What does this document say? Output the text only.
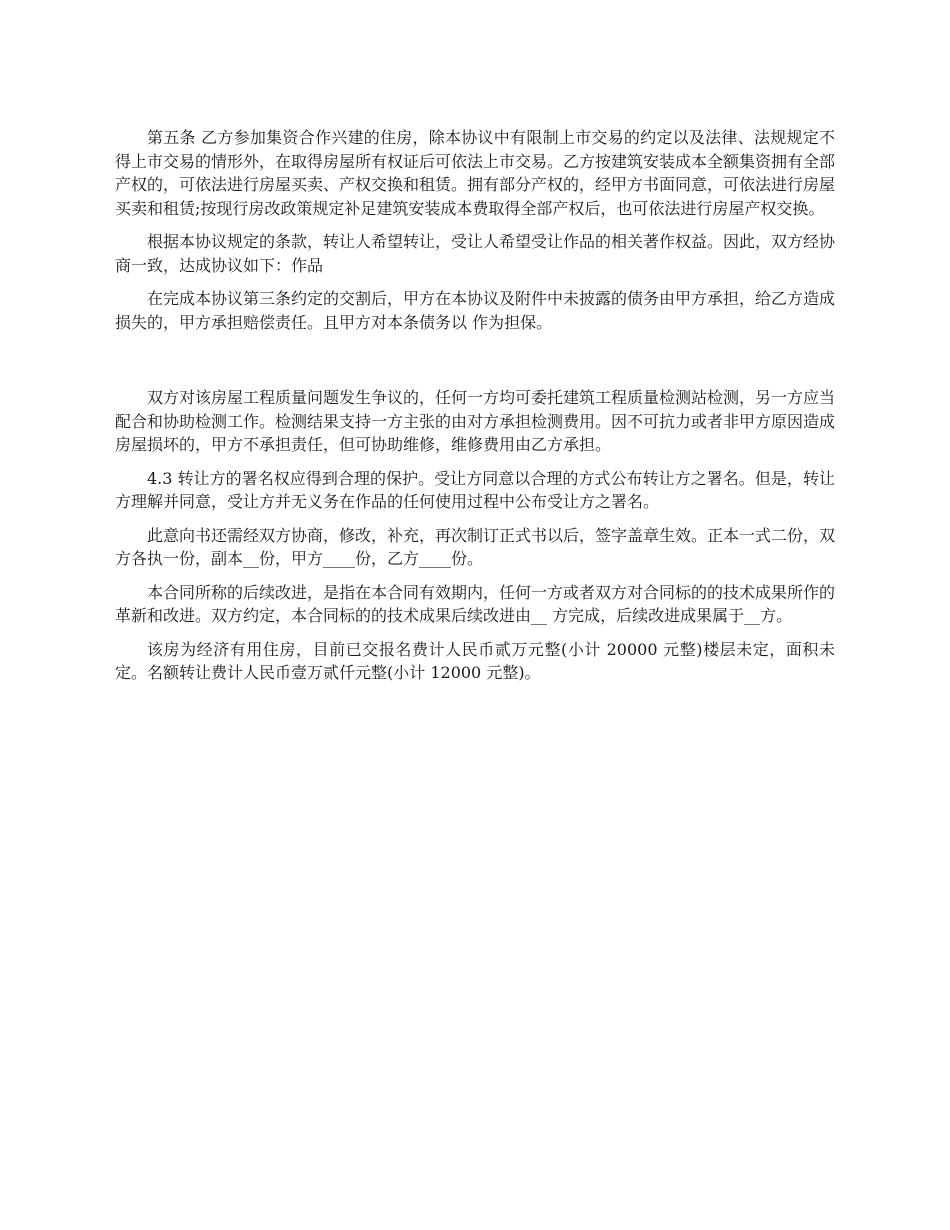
第五条 乙方参加集资合作兴建的住房，除本协议中有限制上市交易的约定以及法律、法规规定不得上市交易的情形外，在取得房屋所有权证后可依法上市交易。乙方按建筑安装成本全额集资拥有全部产权的，可依法进行房屋买卖、产权交换和租赁。拥有部分产权的，经甲方书面同意，可依法进行房屋买卖和租赁;按现行房改政策规定补足建筑安装成本费取得全部产权后，也可依法进行房屋产权交换。

根据本协议规定的条款，转让人希望转让，受让人希望受让作品的相关著作权益。因此，双方经协商一致，达成协议如下：作品

在完成本协议第三条约定的交割后，甲方在本协议及附件中未披露的债务由甲方承担，给乙方造成损失的，甲方承担赔偿责任。且甲方对本条债务以 作为担保。

双方对该房屋工程质量问题发生争议的，任何一方均可委托建筑工程质量检测站检测，另一方应当配合和协助检测工作。检测结果支持一方主张的由对方承担检测费用。因不可抗力或者非甲方原因造成房屋损坏的，甲方不承担责任，但可协助维修，维修费用由乙方承担。

4.3 转让方的署名权应得到合理的保护。受让方同意以合理的方式公布转让方之署名。但是，转让方理解并同意，受让方并无义务在作品的任何使用过程中公布受让方之署名。

此意向书还需经双方协商，修改，补充，再次制订正式书以后，签字盖章生效。正本一式二份，双方各执一份，副本__份，甲方____份，乙方____份。

本合同所称的后续改进，是指在本合同有效期内，任何一方或者双方对合同标的的技术成果所作的革新和改进。双方约定，本合同标的的技术成果后续改进由__ 方完成，后续改进成果属于__方。

该房为经济有用住房，目前已交报名费计人民币贰万元整(小计 20000 元整)楼层未定，面积未定。名额转让费计人民币壹万贰仟元整(小计 12000 元整)。
